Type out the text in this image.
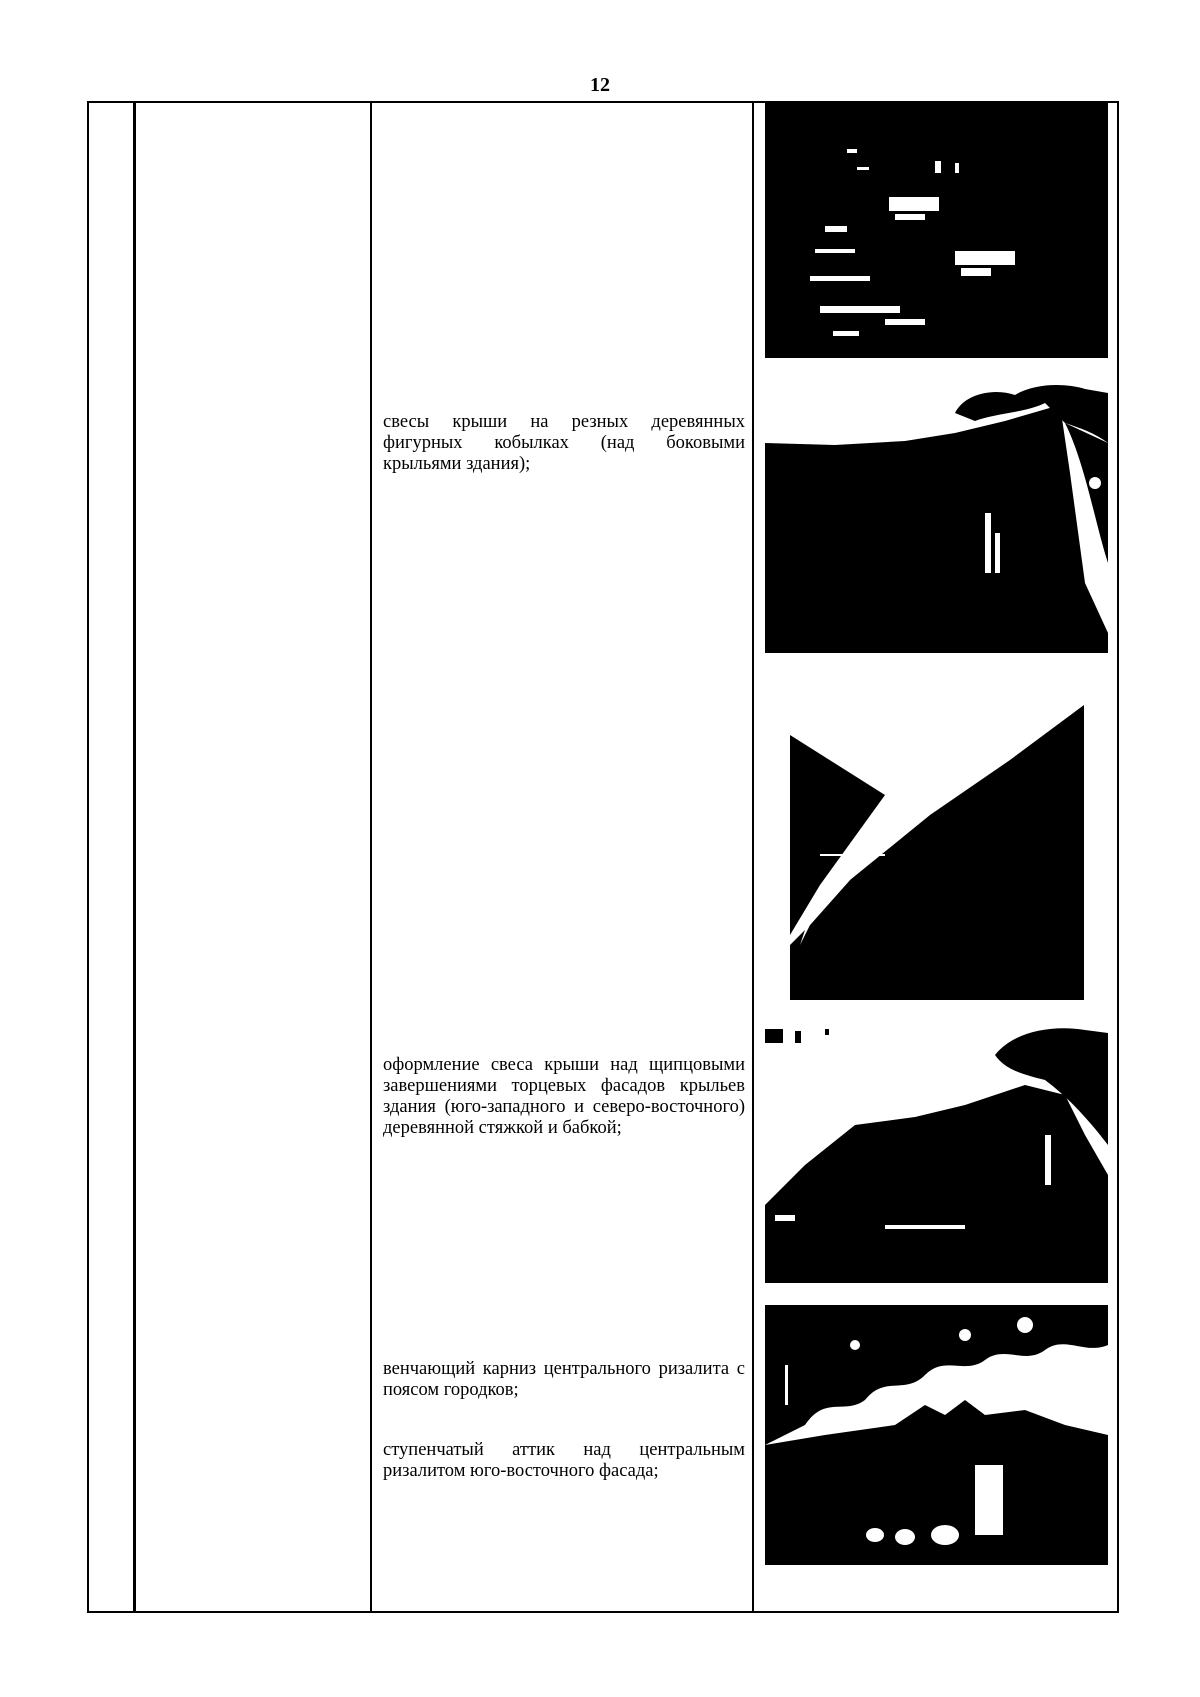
12
свесы крыши на резных деревянных фигурных кобылках (над боковыми крыльями здания);
оформление свеса крыши над щипцовыми завершениями торцевых фасадов крыльев здания (юго-западного и северо-восточного) деревянной стяжкой и бабкой;
венчающий карниз центрального ризалита с поясом городков;
ступенчатый аттик над центральным ризалитом юго-восточного фасада;
